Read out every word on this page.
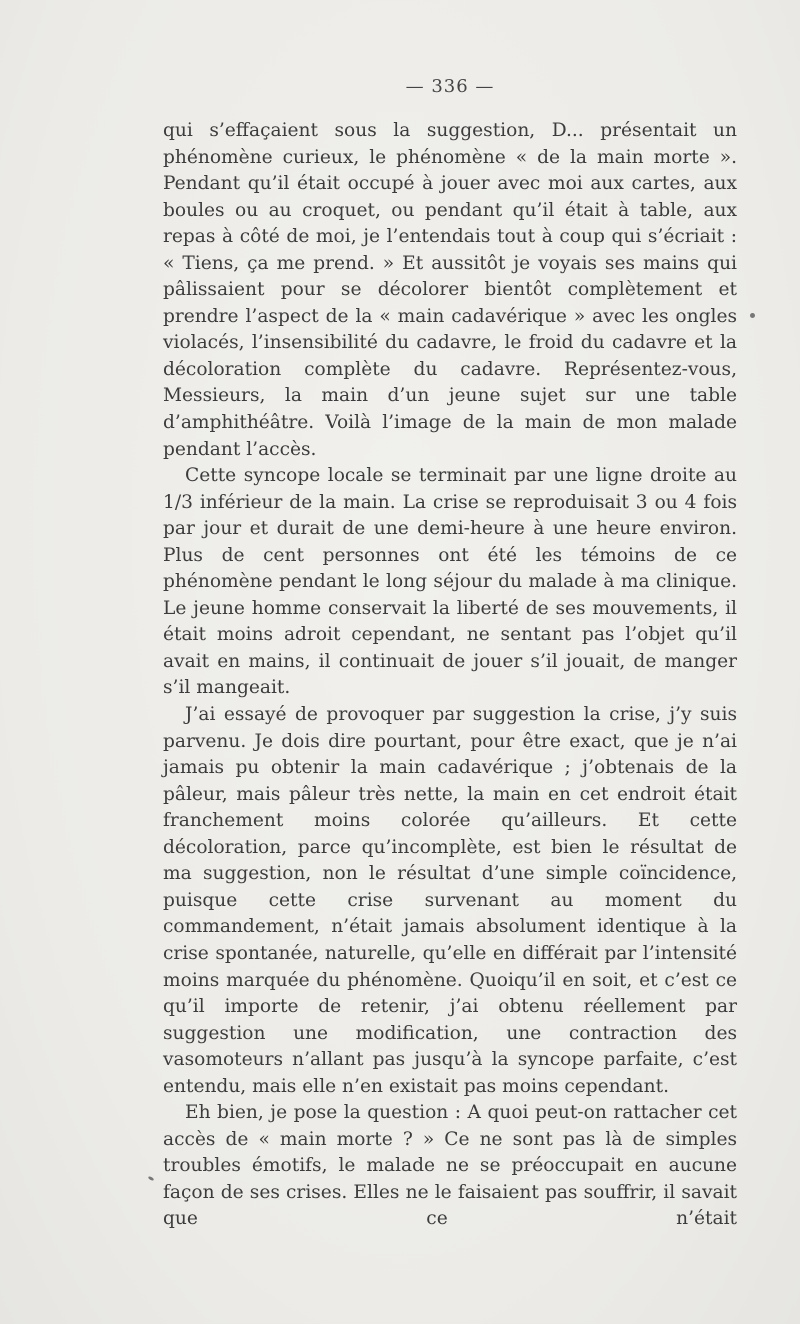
— 336 —

qui s’effaçaient sous la suggestion, D... présentait un phénomène curieux, le phénomène « de la main morte ». Pendant qu’il était occupé à jouer avec moi aux cartes, aux boules ou au croquet, ou pendant qu’il était à table, aux repas à côté de moi, je l’entendais tout à coup qui s’écriait : « Tiens, ça me prend. » Et aussitôt je voyais ses mains qui pâlissaient pour se décolorer bientôt complètement et prendre l’aspect de la « main cadavérique » avec les ongles violacés, l’insensibilité du cadavre, le froid du cadavre et la décoloration complète du cadavre. Représentez-vous, Messieurs, la main d’un jeune sujet sur une table d’amphithéâtre. Voilà l’image de la main de mon malade pendant l’accès.

Cette syncope locale se terminait par une ligne droite au 1/3 inférieur de la main. La crise se reproduisait 3 ou 4 fois par jour et durait de une demi-heure à une heure environ. Plus de cent personnes ont été les témoins de ce phénomène pendant le long séjour du malade à ma clinique. Le jeune homme conservait la liberté de ses mouvements, il était moins adroit cependant, ne sentant pas l’objet qu’il avait en mains, il continuait de jouer s’il jouait, de manger s’il mangeait.

J’ai essayé de provoquer par suggestion la crise, j’y suis parvenu. Je dois dire pourtant, pour être exact, que je n’ai jamais pu obtenir la main cadavérique ; j’obtenais de la pâleur, mais pâleur très nette, la main en cet endroit était franchement moins colorée qu’ailleurs. Et cette décoloration, parce qu’incomplète, est bien le résultat de ma suggestion, non le résultat d’une simple coïncidence, puisque cette crise survenant au moment du commandement, n’était jamais absolument identique à la crise spontanée, naturelle, qu’elle en différait par l’intensité moins marquée du phénomène. Quoiqu’il en soit, et c’est ce qu’il importe de retenir, j’ai obtenu réellement par suggestion une modification, une contraction des vasomoteurs n’allant pas jusqu’à la syncope parfaite, c’est entendu, mais elle n’en existait pas moins cependant.

Eh bien, je pose la question : A quoi peut-on rattacher cet accès de « main morte ? » Ce ne sont pas là de simples troubles émotifs, le malade ne se préoccupait en aucune façon de ses crises. Elles ne le faisaient pas souffrir, il savait que ce n’était
